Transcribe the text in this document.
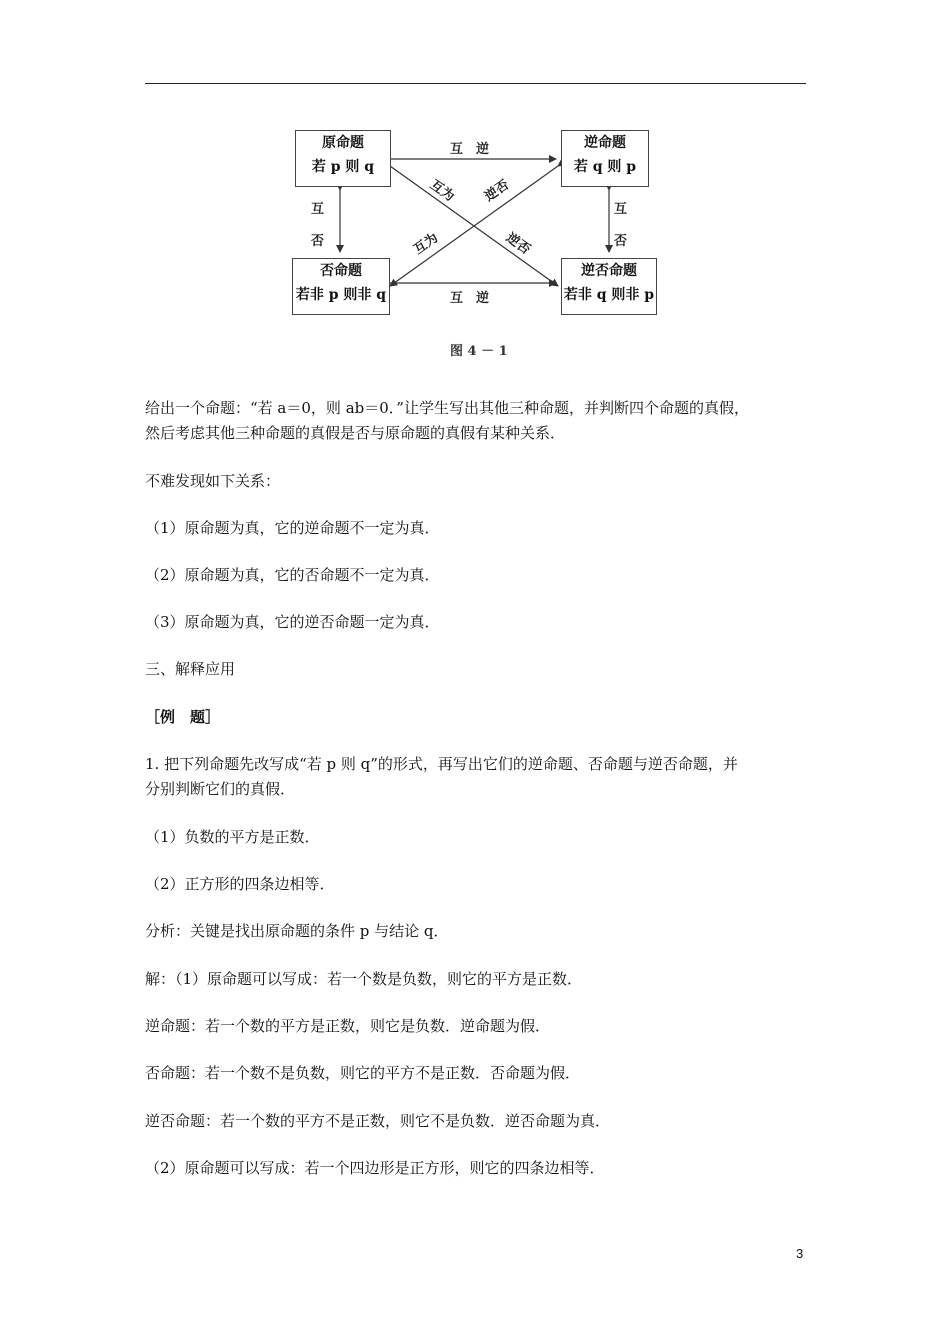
原命题
若 p 则 q
逆命题
若 q 则 p
否命题
若非 p 则非 q
逆否命题
若非 q 则非 p
互　逆
互　逆
互
否
互
否
互为 逆否
互为	逆否
图 4 － 1
给出一个命题：“若 a＝0，则 ab＝0．”让学生写出其他三种命题，并判断四个命题的真假，
然后考虑其他三种命题的真假是否与原命题的真假有某种关系．
不难发现如下关系：
（1）原命题为真，它的逆命题不一定为真．
（2）原命题为真，它的否命题不一定为真．
（3）原命题为真，它的逆否命题一定为真．
三、解释应用
［例　题］
1. 把下列命题先改写成“若 p 则 q”的形式，再写出它们的逆命题、否命题与逆否命题，并
分别判断它们的真假．
（1）负数的平方是正数．
（2）正方形的四条边相等．
分析：关键是找出原命题的条件 p 与结论 q．
解：（1）原命题可以写成：若一个数是负数，则它的平方是正数．
逆命题：若一个数的平方是正数，则它是负数．逆命题为假．
否命题：若一个数不是负数，则它的平方不是正数．否命题为假．
逆否命题：若一个数的平方不是正数，则它不是负数．逆否命题为真．
（2）原命题可以写成：若一个四边形是正方形，则它的四条边相等．
3
